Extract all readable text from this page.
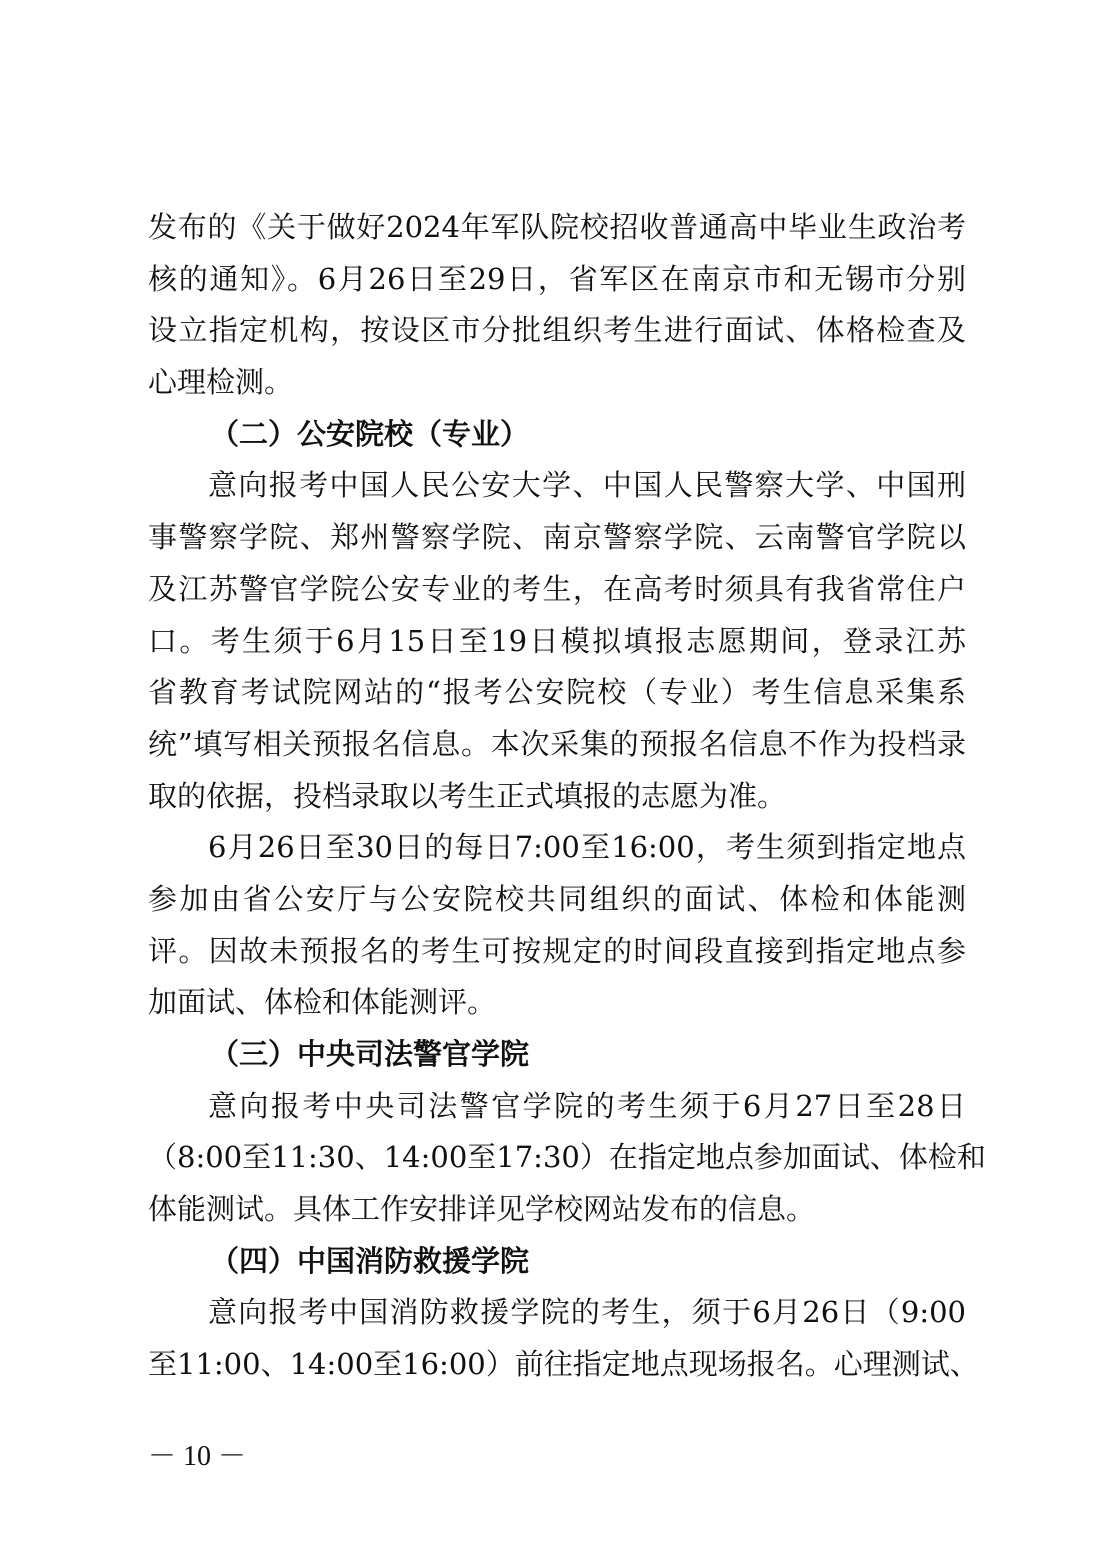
发布的《关于做好2024年军队院校招收普通高中毕业生政治考
核的通知》。6月26日至29日，省军区在南京市和无锡市分别
设立指定机构，按设区市分批组织考生进行面试、体格检查及
心理检测。
（二）公安院校（专业）
意向报考中国人民公安大学、中国人民警察大学、中国刑
事警察学院、郑州警察学院、南京警察学院、云南警官学院以
及江苏警官学院公安专业的考生，在高考时须具有我省常住户
口。考生须于6月15日至19日模拟填报志愿期间，登录江苏
省教育考试院网站的“报考公安院校（专业）考生信息采集系
统”填写相关预报名信息。本次采集的预报名信息不作为投档录
取的依据，投档录取以考生正式填报的志愿为准。
6月26日至30日的每日7:00至16:00，考生须到指定地点
参加由省公安厅与公安院校共同组织的面试、体检和体能测
评。因故未预报名的考生可按规定的时间段直接到指定地点参
加面试、体检和体能测评。
（三）中央司法警官学院
意向报考中央司法警官学院的考生须于6月27日至28日
（8:00至11:30、14:00至17:30）在指定地点参加面试、体检和
体能测试。具体工作安排详见学校网站发布的信息。
（四）中国消防救援学院
意向报考中国消防救援学院的考生，须于6月26日（9:00
至11:00、14:00至16:00）前往指定地点现场报名。心理测试、
－ 10 －
